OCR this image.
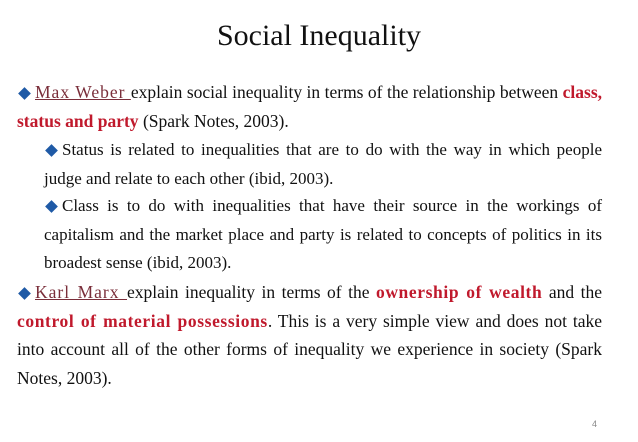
Social Inequality
Max Weber explain social inequality in terms of the relationship between class, status and party (Spark Notes, 2003).
Status is related to inequalities that are to do with the way in which people judge and relate to each other (ibid, 2003).
Class is to do with inequalities that have their source in the workings of capitalism and the market place and party is related to concepts of politics in its broadest sense (ibid, 2003).
Karl Marx explain inequality in terms of the ownership of wealth and the control of material possessions. This is a very simple view and does not take into account all of the other forms of inequality we experience in society (Spark Notes, 2003).
4
